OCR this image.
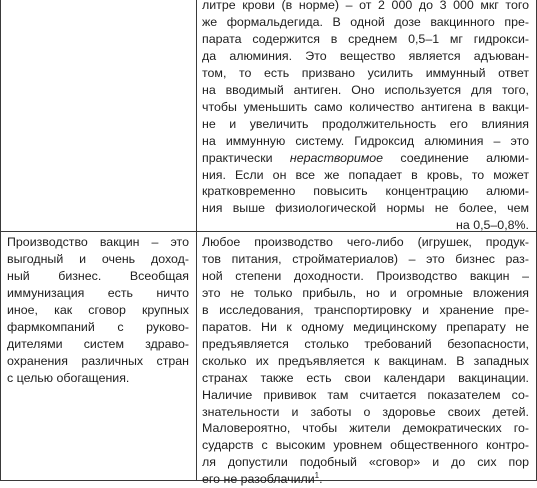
литре крови (в норме) – от 2 000 до 3 000 мкг того
же формальдегида. В одной дозе вакцинного пре-
парата содержится в среднем 0,5–1 мг гидрокси-
да алюминия. Это вещество является адъюван-
том, то есть призвано усилить иммунный ответ
на вводимый антиген. Оно используется для того,
чтобы уменьшить само количество антигена в вакци-
не и увеличить продолжительность его влияния
на иммунную систему. Гидроксид алюминия – это
практически нерастворимое соединение алюми-
ния. Если он все же попадает в кровь, то может
кратковременно повысить концентрацию алюми-
ния выше физиологической нормы не более, чем
на 0,5–0,8%.
Производство вакцин – это
выгодный и очень доход-
ный бизнес. Всеобщая
иммунизация есть ничто
иное, как сговор крупных
фармкомпаний с руково-
дителями систем здраво-
охранения различных стран
с целью обогащения.
Любое производство чего-либо (игрушек, продук-
тов питания, стройматериалов) – это бизнес раз-
ной степени доходности. Производство вакцин –
это не только прибыль, но и огромные вложения
в исследования, транспортировку и хранение пре-
паратов. Ни к одному медицинскому препарату не
предъявляется столько требований безопасности,
сколько их предъявляется к вакцинам. В западных
странах также есть свои календари вакцинации.
Наличие прививок там считается показателем со-
знательности и заботы о здоровье своих детей.
Маловероятно, чтобы жители демократических го-
сударств с высоким уровнем общественного контро-
ля допустили подобный «сговор» и до сих пор
его не разоблачили$^1$.
